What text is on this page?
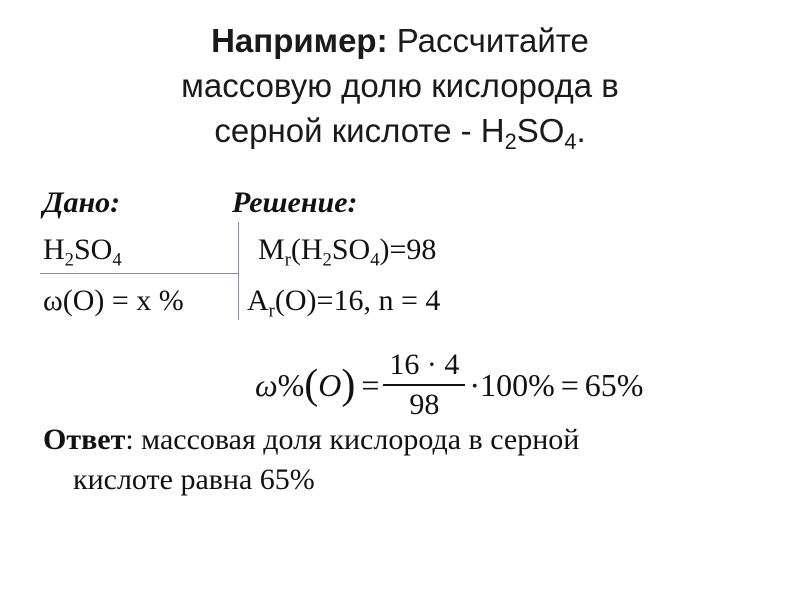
Например: Рассчитайте
массовую долю кислорода в
серной кислоте - $H_2SO_4$.
Дано:	Решение:
$H_2SO_4$	$M_r(H_2SO_4)=98$
ω(O) = x % $A_r(O)=16$, n = 4
ω % ( O ) = $\frac{16 \cdot 4}{98} \cdot 100\% = 65\%$
Ответ: массовая доля кислорода в серной
кислоте равна 65%
